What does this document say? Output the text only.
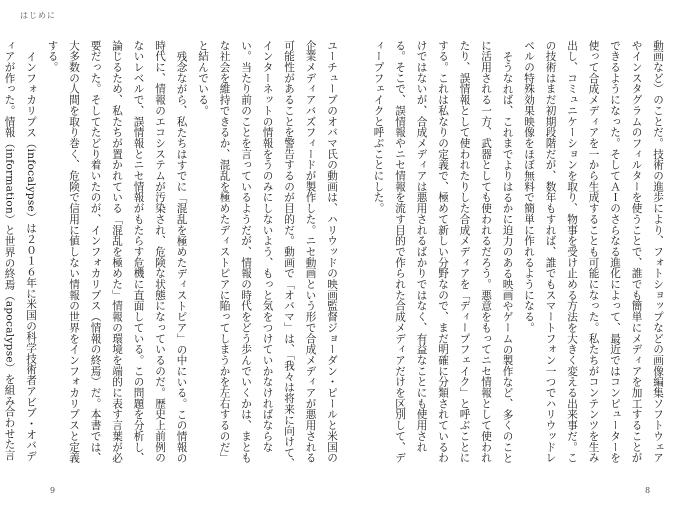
はじめに

動画など）のことだ。技術の進歩により、フォトショップなどの画像編集ソフトウェアやインスタグラムのフィルターを使うことで、誰でも簡単にメディアを加工することができるようになった。そしてＡＩのさらなる進化によって、最近ではコンピューターを使って合成メディアを一から生成することも可能になった。私たちがコンテンツを生み出し、コミュニケーションを取り、物事を受け止める方法を大きく変える出来事だ。この技術はまだ初期段階だが、数年もすれば、誰でもスマートフォン一つでハリウッドレベルの特殊効果映像をほぼ無料で簡単に作れるようになる。

そうなれば、これまでよりはるかに迫力のある映画やゲームの製作など、多くのことに活用される一方、武器としても使われるだろう。悪意をもってニセ情報として使われたり、誤情報として使われたりした合成メディアを「ディープフェイク」と呼ぶことにする。これは私なりの定義で、極めて新しい分野なので、まだ明確に分類されているわけではないが、合成メディアは悪用されるばかりではなく、有益なことにも使用される。そこで、誤情報やニセ情報を流す目的で作られた合成メディアだけを区別して、ディープフェイクと呼ぶことにした。

ユーチューブのオバマ氏の動画は、ハリウッドの映画監督ジョーダン・ピールと米国の企業メディアバズフィードが製作した。ニセ動画という形で合成メディアが悪用される可能性があることを警告するのが目的だ。動画で「オバマ」は、「我々は将来に向けて、インターネットの情報をうのみにしないよう、もっと気をつけていかなければならない。当たり前のことを言っているようだが、情報の時代をどう歩んでいくかは、まともな社会を維持できるか、混乱を極めたディストピアに陥ってしまうかを左右するのだ」と結んでいる。

残念ながら、私たちはすでに「混乱を極めたディストピア」の中にいる。この情報の時代に、情報のエコシステムが汚染され、危険な状態になっているのだ。歴史上前例のないレベルで、誤情報とニセ情報がもたらす危機に直面している。この問題を分析し、論じるため、私たちが置かれている「混乱を極めた」情報の環境を端的に表す言葉が必要だった。そしてたどり着いたのが、インフォカリプス（情報の終焉）だ。本書では、大多数の人間を取り巻く、危険で信用に値しない情報の世界をインフォカリプスと定義する。

インフォカリプス（infocalypse）は２０１６年に米国の科学技術者アビブ・オバディアが作った。情報（information）と世界の終焉（apocalypse）を組み合わせた言

9	8
